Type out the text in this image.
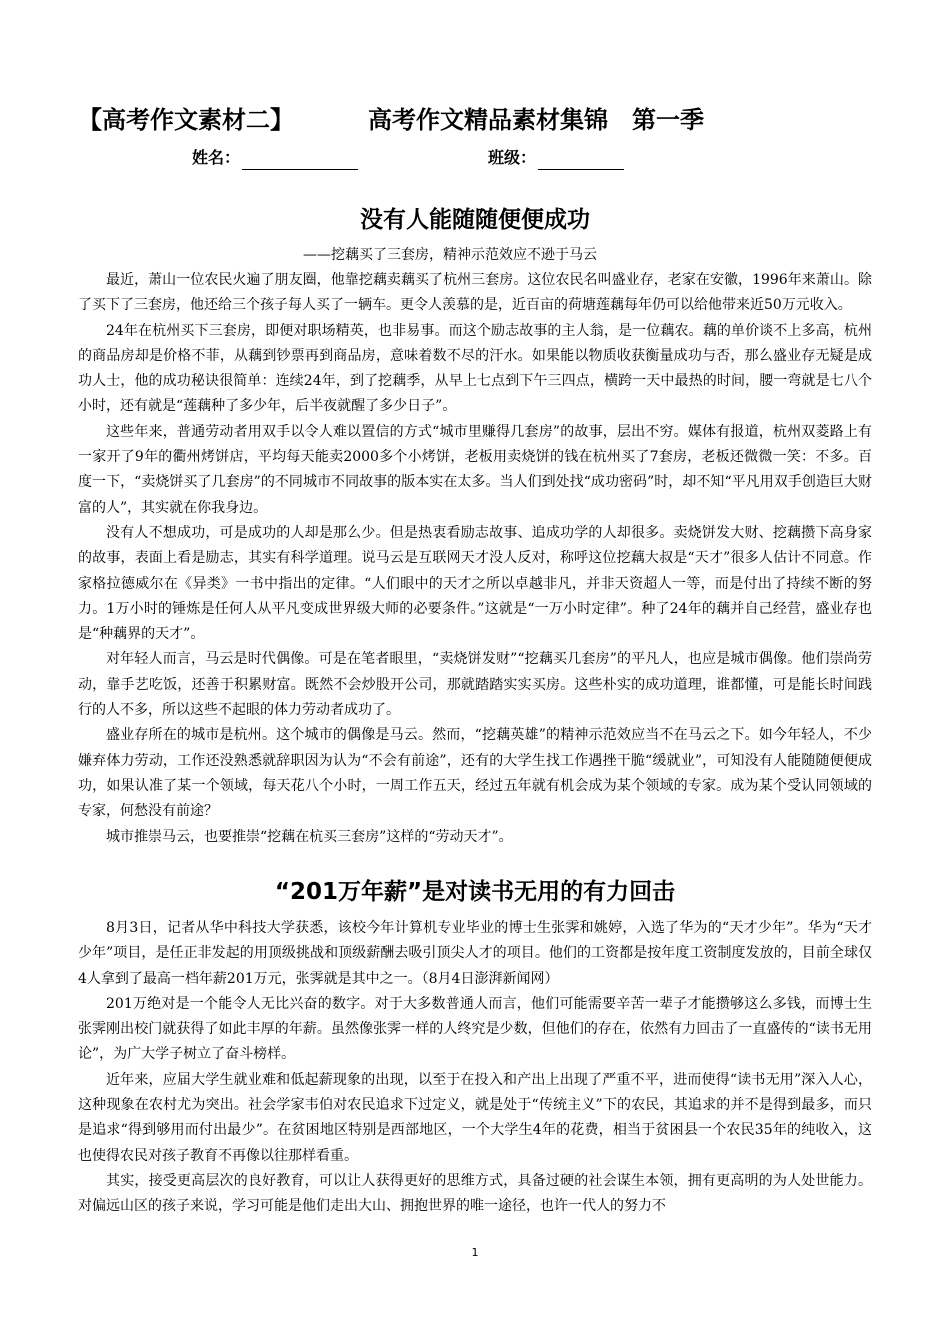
【高考作文素材二】	高考作文精品素材集锦　第一季
姓名：	班级：
没有人能随随便便成功
——挖藕买了三套房，精神示范效应不逊于马云

最近，萧山一位农民火遍了朋友圈，他靠挖藕卖藕买了杭州三套房。这位农民名叫盛业存，老家在安徽，1996年来萧山。除了买下了三套房，他还给三个孩子每人买了一辆车。更令人羡慕的是，近百亩的荷塘莲藕每年仍可以给他带来近50万元收入。

24年在杭州买下三套房，即便对职场精英，也非易事。而这个励志故事的主人翁，是一位藕农。藕的单价谈不上多高，杭州的商品房却是价格不菲，从藕到钞票再到商品房，意味着数不尽的汗水。如果能以物质收获衡量成功与否，那么盛业存无疑是成功人士，他的成功秘诀很简单：连续24年，到了挖藕季，从早上七点到下午三四点，横跨一天中最热的时间，腰一弯就是七八个小时，还有就是“莲藕种了多少年，后半夜就醒了多少日子”。

这些年来，普通劳动者用双手以令人难以置信的方式“城市里赚得几套房”的故事，层出不穷。媒体有报道，杭州双菱路上有一家开了9年的衢州烤饼店，平均每天能卖2000多个小烤饼，老板用卖烧饼的钱在杭州买了7套房，老板还微微一笑：不多。百度一下，“卖烧饼买了几套房”的不同城市不同故事的版本实在太多。当人们到处找“成功密码”时，却不知“平凡用双手创造巨大财富的人”，其实就在你我身边。

没有人不想成功，可是成功的人却是那么少。但是热衷看励志故事、追成功学的人却很多。卖烧饼发大财、挖藕攒下高身家的故事，表面上看是励志，其实有科学道理。说马云是互联网天才没人反对，称呼这位挖藕大叔是“天才”很多人估计不同意。作家格拉德威尔在《异类》一书中指出的定律。“人们眼中的天才之所以卓越非凡，并非天资超人一等，而是付出了持续不断的努力。1万小时的锤炼是任何人从平凡变成世界级大师的必要条件。”这就是“一万小时定律”。种了24年的藕并自己经营，盛业存也是“种藕界的天才”。

对年轻人而言，马云是时代偶像。可是在笔者眼里，“卖烧饼发财”“挖藕买几套房”的平凡人，也应是城市偶像。他们崇尚劳动，靠手艺吃饭，还善于积累财富。既然不会炒股开公司，那就踏踏实实买房。这些朴实的成功道理，谁都懂，可是能长时间践行的人不多，所以这些不起眼的体力劳动者成功了。

盛业存所在的城市是杭州。这个城市的偶像是马云。然而，“挖藕英雄”的精神示范效应当不在马云之下。如今年轻人，不少嫌弃体力劳动，工作还没熟悉就辞职因为认为“不会有前途”，还有的大学生找工作遇挫干脆“缓就业”，可知没有人能随随便便成功，如果认准了某一个领域，每天花八个小时，一周工作五天，经过五年就有机会成为某个领域的专家。成为某个受认同领域的专家，何愁没有前途？

城市推崇马云，也要推崇“挖藕在杭买三套房”这样的“劳动天才”。

“201万年薪”是对读书无用的有力回击

8月3日，记者从华中科技大学获悉，该校今年计算机专业毕业的博士生张霁和姚婷，入选了华为的“天才少年”。华为“天才少年”项目，是任正非发起的用顶级挑战和顶级薪酬去吸引顶尖人才的项目。他们的工资都是按年度工资制度发放的，目前全球仅4人拿到了最高一档年薪201万元，张霁就是其中之一。（8月4日澎湃新闻网）

201万绝对是一个能令人无比兴奋的数字。对于大多数普通人而言，他们可能需要辛苦一辈子才能攒够这么多钱，而博士生张霁刚出校门就获得了如此丰厚的年薪。虽然像张霁一样的人终究是少数，但他们的存在，依然有力回击了一直盛传的“读书无用论”，为广大学子树立了奋斗榜样。

近年来，应届大学生就业难和低起薪现象的出现，以至于在投入和产出上出现了严重不平，进而使得“读书无用”深入人心，这种现象在农村尤为突出。社会学家韦伯对农民追求下过定义，就是处于“传统主义”下的农民，其追求的并不是得到最多，而只是追求“得到够用而付出最少”。在贫困地区特别是西部地区，一个大学生4年的花费，相当于贫困县一个农民35年的纯收入，这也使得农民对孩子教育不再像以往那样看重。

其实，接受更高层次的良好教育，可以让人获得更好的思维方式，具备过硬的社会谋生本领，拥有更高明的为人处世能力。对偏远山区的孩子来说，学习可能是他们走出大山、拥抱世界的唯一途径，也许一代人的努力不

1
